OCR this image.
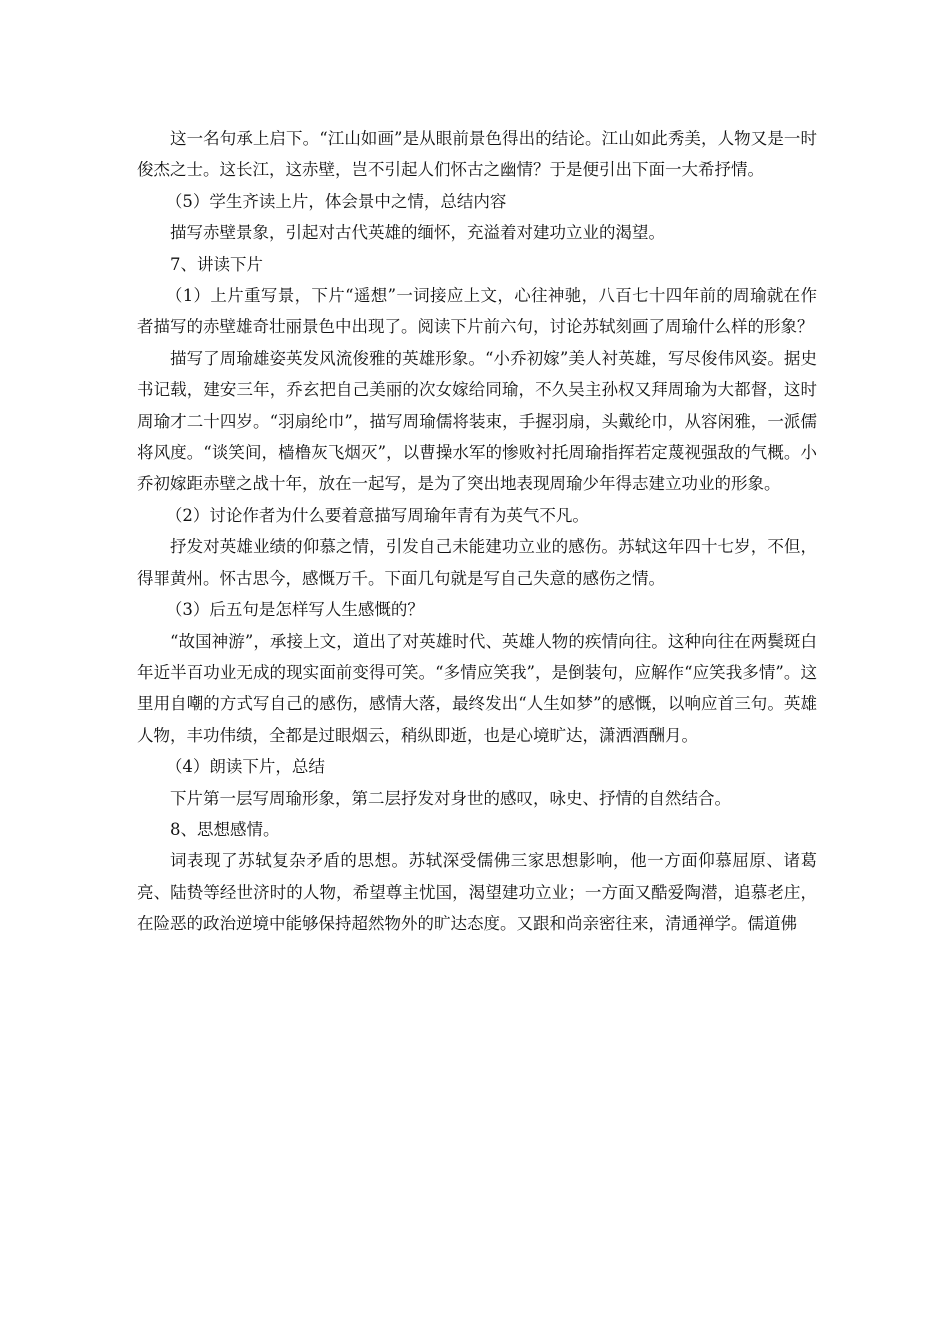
这一名句承上启下。“江山如画”是从眼前景色得出的结论。江山如此秀美，人物又是一时俊杰之士。这长江，这赤壁，岂不引起人们怀古之幽情？于是便引出下面一大希抒情。

（5）学生齐读上片，体会景中之情，总结内容

描写赤壁景象，引起对古代英雄的缅怀，充溢着对建功立业的渴望。

7、讲读下片

（1）上片重写景，下片“遥想”一词接应上文，心往神驰，八百七十四年前的周瑜就在作者描写的赤壁雄奇壮丽景色中出现了。阅读下片前六句，讨论苏轼刻画了周瑜什么样的形象？

描写了周瑜雄姿英发风流俊雅的英雄形象。“小乔初嫁”美人衬英雄，写尽俊伟风姿。据史书记载，建安三年，乔玄把自己美丽的次女嫁给同瑜，不久吴主孙权又拜周瑜为大都督，这时周瑜才二十四岁。“羽扇纶巾”，描写周瑜儒将装束，手握羽扇，头戴纶巾，从容闲雅，一派儒将风度。“谈笑间，樯橹灰飞烟灭”，以曹操水军的惨败衬托周瑜指挥若定蔑视强敌的气概。小乔初嫁距赤壁之战十年，放在一起写，是为了突出地表现周瑜少年得志建立功业的形象。

（2）讨论作者为什么要着意描写周瑜年青有为英气不凡。

抒发对英雄业绩的仰慕之情，引发自己未能建功立业的感伤。苏轼这年四十七岁，不但，得罪黄州。怀古思今，感慨万千。下面几句就是写自己失意的感伤之情。

（3）后五句是怎样写人生感慨的？

“故国神游”，承接上文，道出了对英雄时代、英雄人物的疾情向往。这种向往在两鬓斑白年近半百功业无成的现实面前变得可笑。“多情应笑我”，是倒装句，应解作“应笑我多情”。这里用自嘲的方式写自己的感伤，感情大落，最终发出“人生如梦”的感慨，以响应首三句。英雄人物，丰功伟绩，全都是过眼烟云，稍纵即逝，也是心境旷达，潇洒酒酬月。

（4）朗读下片，总结

下片第一层写周瑜形象，第二层抒发对身世的感叹，咏史、抒情的自然结合。

8、思想感情。

词表现了苏轼复杂矛盾的思想。苏轼深受儒佛三家思想影响，他一方面仰慕屈原、诸葛亮、陆贽等经世济时的人物，希望尊主忧国，渴望建功立业；一方面又酷爱陶潜，追慕老庄，在险恶的政治逆境中能够保持超然物外的旷达态度。又跟和尚亲密往来，清通禅学。儒道佛
